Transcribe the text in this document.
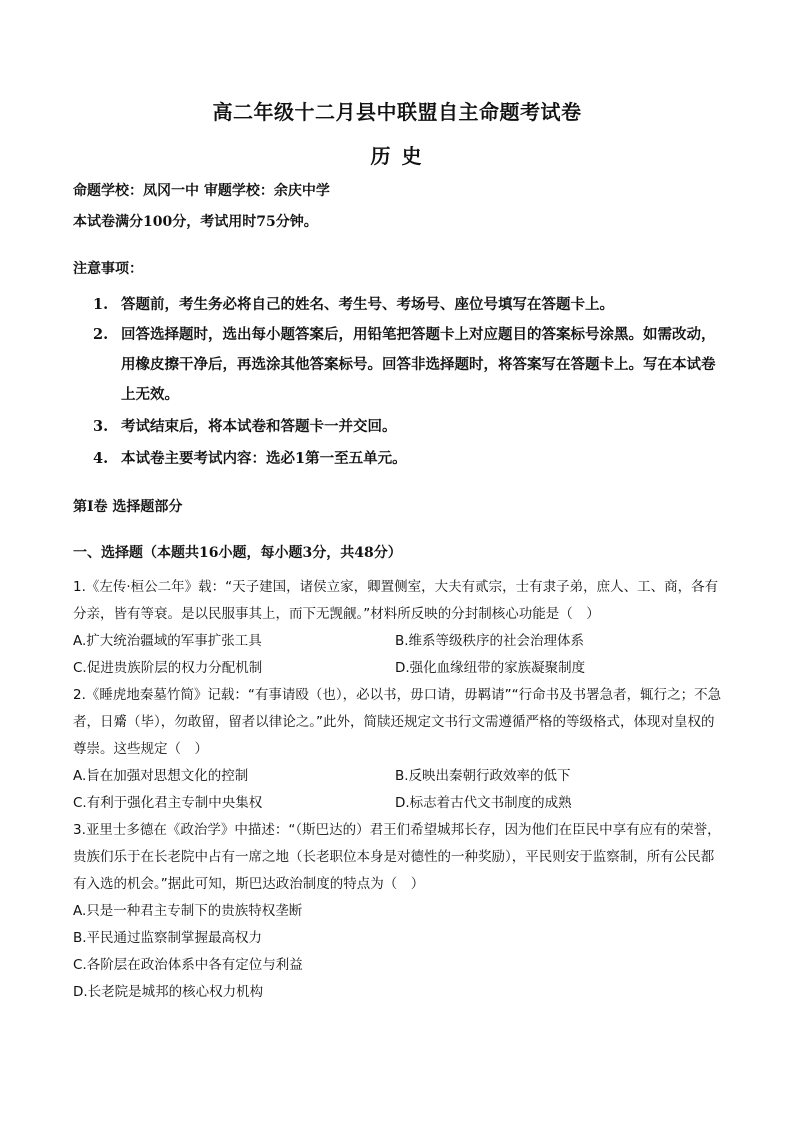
高二年级十二月县中联盟自主命题考试卷
历 史
命题学校：凤冈一中 审题学校：余庆中学
本试卷满分100分，考试用时75分钟。
注意事项：
1. 答题前，考生务必将自己的姓名、考生号、考场号、座位号填写在答题卡上。
2. 回答选择题时，选出每小题答案后，用铅笔把答题卡上对应题目的答案标号涂黑。如需改动，用橡皮擦干净后，再选涂其他答案标号。回答非选择题时，将答案写在答题卡上。写在本试卷上无效。
3. 考试结束后，将本试卷和答题卡一并交回。
4. 本试卷主要考试内容：选必1第一至五单元。
第Ⅰ卷 选择题部分
一、选择题（本题共16小题，每小题3分，共48分）
1.《左传·桓公二年》载：“天子建国，诸侯立家，卿置侧室，大夫有贰宗，士有隶子弟，庶人、工、商，各有分亲，皆有等衰。是以民服事其上，而下无觊觎。”材料所反映的分封制核心功能是（　）
A.扩大统治疆域的军事扩张工具	B.维系等级秩序的社会治理体系
C.促进贵族阶层的权力分配机制	D.强化血缘纽带的家族凝聚制度
2.《睡虎地秦墓竹简》记载：“有事请殴（也），必以书，毋口请，毋羁请”“行命书及书署急者，辄行之；不急者，日觱（毕），勿敢留，留者以律论之。”此外，简牍还规定文书行文需遵循严格的等级格式，体现对皇权的尊崇。这些规定（　）
A.旨在加强对思想文化的控制	B.反映出秦朝行政效率的低下
C.有利于强化君主专制中央集权	D.标志着古代文书制度的成熟
3.亚里士多德在《政治学》中描述：“（斯巴达的）君王们希望城邦长存，因为他们在臣民中享有应有的荣誉，贵族们乐于在长老院中占有一席之地（长老职位本身是对德性的一种奖励），平民则安于监察制，所有公民都有入选的机会。”据此可知，斯巴达政治制度的特点为（　）
A.只是一种君主专制下的贵族特权垄断
B.平民通过监察制掌握最高权力
C.各阶层在政治体系中各有定位与利益
D.长老院是城邦的核心权力机构
